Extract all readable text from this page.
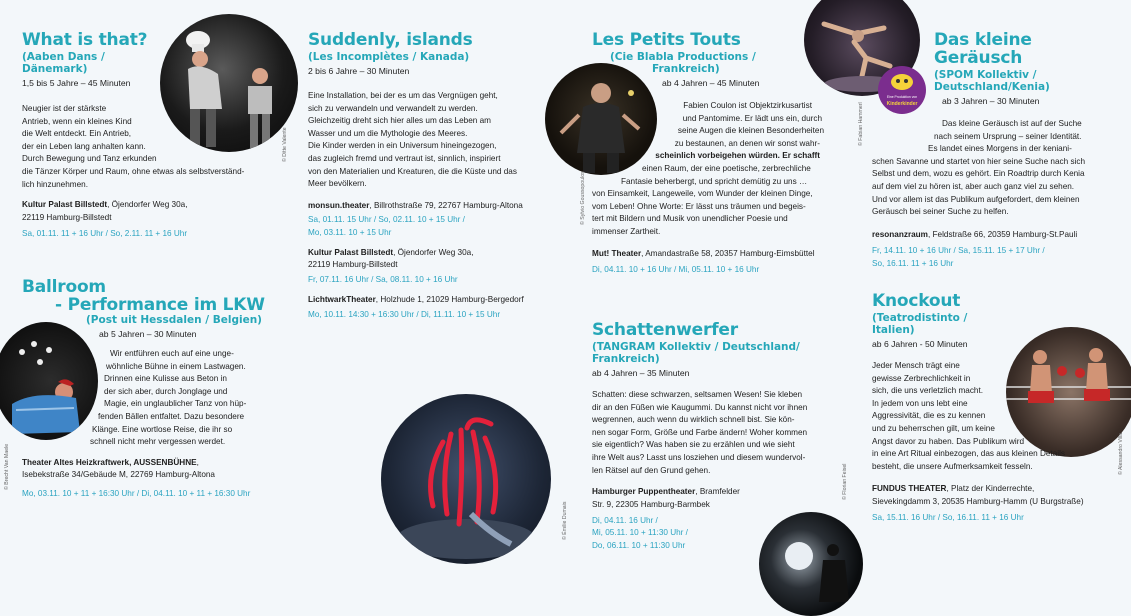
© Ditte Valente
© Brecht Van Maele
© Émilie Dumais
© Sylvio Goussopoulos
© Florian Feisel
© Fabian Hammerl
Eine Produktion von
Kinderkinder
© Alessandro Villa
What is that?
(Aaben Dans /
Dänemark)
1,5 bis 5 Jahre – 45 Minuten
Neugier ist der stärkste
Antrieb, wenn ein kleines Kind
die Welt entdeckt. Ein Antrieb,
der ein Leben lang anhalten kann.
Durch Bewegung und Tanz erkunden
die Tänzer Körper und Raum, ohne etwas als selbstverständ-
lich hinzunehmen.
Kultur Palast Billstedt, Öjendorfer Weg 30a,
22119 Hamburg-Billstedt
Sa, 01.11. 11 + 16 Uhr / So, 2.11. 11 + 16 Uhr
Ballroom
- Performance im LKW
(Post uit Hessdalen / Belgien)
ab 5 Jahren – 30 Minuten
Wir entführen euch auf eine unge-
wöhnliche Bühne in einem Lastwagen.
Drinnen eine Kulisse aus Beton in
der sich aber, durch Jonglage und
Magie, ein unglaublicher Tanz von hüp-
fenden Bällen entfaltet. Dazu besondere
Klänge. Eine wortlose Reise, die ihr so
schnell nicht mehr vergessen werdet.
Theater Altes Heizkraftwerk, AUSSENBÜHNE,
Isebekstraße 34/Gebäude M, 22769 Hamburg-Altona
Mo, 03.11. 10 + 11 + 16:30 Uhr / Di, 04.11. 10 + 11 + 16:30 Uhr
Suddenly, islands
(Les Incomplètes / Kanada)
2 bis 6 Jahre – 30 Minuten
Eine Installation, bei der es um das Vergnügen geht,
sich zu verwandeln und verwandelt zu werden.
Gleichzeitig dreht sich hier alles um das Leben am
Wasser und um die Mythologie des Meeres.
Die Kinder werden in ein Universum hineingezogen,
das zugleich fremd und vertraut ist, sinnlich, inspiriert
von den Materialien und Kreaturen, die die Küste und das
Meer bevölkern.
monsun.theater, Billrothstraße 79, 22767 Hamburg-Altona
Sa, 01.11. 15 Uhr / So, 02.11. 10 + 15 Uhr /
Mo, 03.11. 10 + 15 Uhr
Kultur Palast Billstedt, Öjendorfer Weg 30a,
22119 Hamburg-Billstedt
Fr, 07.11. 16 Uhr / Sa, 08.11. 10 + 16 Uhr
LichtwarkTheater, Holzhude 1, 21029 Hamburg-Bergedorf
Mo, 10.11. 14:30 + 16:30 Uhr / Di, 11.11. 10 + 15 Uhr
Les Petits Touts
(Cie Blabla Productions /
Frankreich)
ab 4 Jahren – 45 Minuten
Fabien Coulon ist Objektzirkusartist
und Pantomime. Er lädt uns ein, durch
seine Augen die kleinen Besonderheiten
zu bestaunen, an denen wir sonst wahr-
scheinlich vorbeigehen würden. Er schafft
einen Raum, der eine poetische, zerbrechliche
Fantasie beherbergt, und spricht demütig zu uns …
von Einsamkeit, Langeweile, vom Wunder der kleinen Dinge,
vom Leben! Ohne Worte: Er lässt uns träumen und begeis-
tert mit Bildern und Musik von unendlicher Poesie und
immenser Zartheit.
Mut! Theater, Amandastraße 58, 20357 Hamburg-Eimsbüttel
Di, 04.11. 10 + 16 Uhr / Mi, 05.11. 10 + 16 Uhr
Schattenwerfer
(TANGRAM Kollektiv / Deutschland/
Frankreich)
ab 4 Jahren – 35 Minuten
Schatten: diese schwarzen, seltsamen Wesen! Sie kleben
dir an den Füßen wie Kaugummi. Du kannst nicht vor ihnen
wegrennen, auch wenn du wirklich schnell bist. Sie kön-
nen sogar Form, Größe und Farbe ändern! Woher kommen
sie eigentlich? Was haben sie zu erzählen und wie sieht
ihre Welt aus? Lasst uns losziehen und diesem wundervol-
len Rätsel auf den Grund gehen.
Hamburger Puppentheater, Bramfelder
Str. 9, 22305 Hamburg-Barmbek
Di, 04.11. 16 Uhr /
Mi, 05.11. 10 + 11:30 Uhr /
Do, 06.11. 10 + 11:30 Uhr
Das kleine Geräusch
(SPOM Kollektiv /
Deutschland/Kenia)
ab 3 Jahren – 30 Minuten
Das kleine Geräusch ist auf der Suche
nach seinem Ursprung – seiner Identität.
Es landet eines Morgens in der keniani-
schen Savanne und startet von hier seine Suche nach sich
Selbst und dem, wozu es gehört. Ein Roadtrip durch Kenia
auf dem viel zu hören ist, aber auch ganz viel zu sehen.
Und vor allem ist das Publikum aufgefordert, dem kleinen
Geräusch bei seiner Suche zu helfen.
resonanzraum, Feldstraße 66, 20359 Hamburg-St.Pauli
Fr, 14.11. 10 + 16 Uhr / Sa, 15.11. 15 + 17 Uhr /
So, 16.11. 11 + 16 Uhr
Knockout
(Teatrodistinto /
Italien)
ab 6 Jahren - 50 Minuten
Jeder Mensch trägt eine
gewisse Zerbrechlichkeit in
sich, die uns verletzlich macht.
In jedem von uns lebt eine
Aggressivität, die es zu kennen
und zu beherrschen gilt, um keine
Angst davor zu haben. Das Publikum wird
in eine Art Ritual einbezogen, das aus kleinen Details
besteht, die unsere Aufmerksamkeit fesseln.
FUNDUS THEATER, Platz der Kinderrechte,
Sievekingdamm 3, 20535 Hamburg-Hamm (U Burgstraße)
Sa, 15.11. 16 Uhr / So, 16.11. 11 + 16 Uhr
